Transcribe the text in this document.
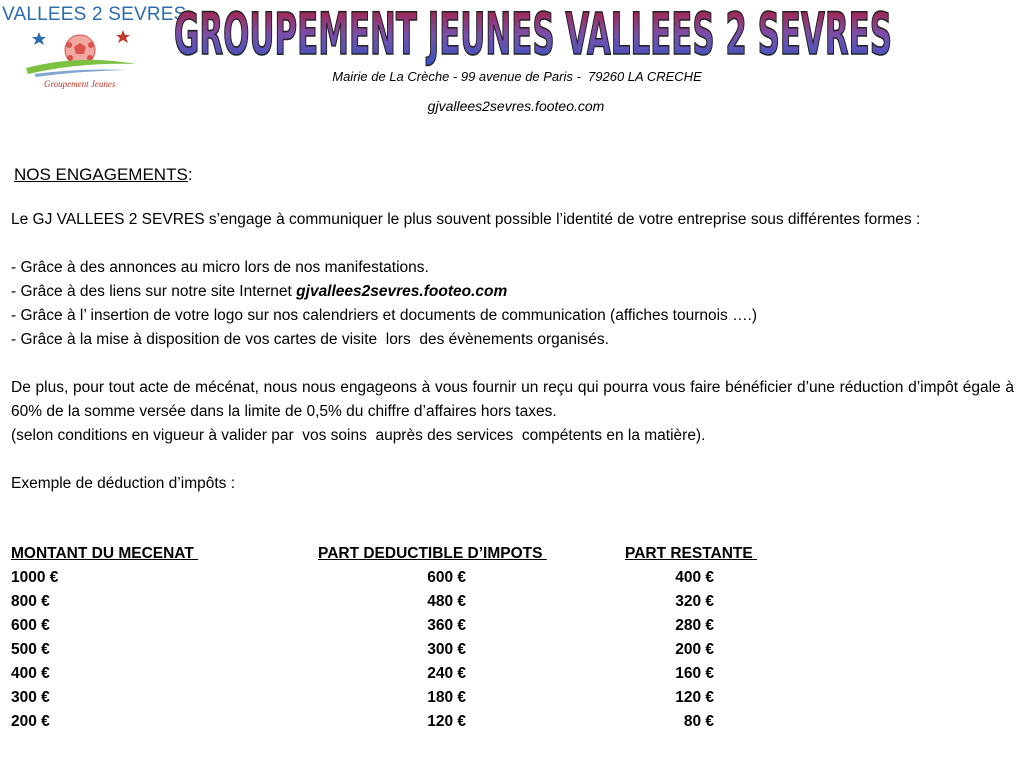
VALLEES 2 SEVRES
Groupement Jeunes
GROUPEMENT JEUNES VALLEES 2 SEVRES
Mairie de La Crèche - 99 avenue de Paris -  79260 LA CRECHE
gjvallees2sevres.footeo.com
NOS ENGAGEMENTS:

Le GJ VALLEES 2 SEVRES s’engage à communiquer le plus souvent possible l’identité de votre entreprise sous différentes formes :

- Grâce à des annonces au micro lors de nos manifestations.

- Grâce à des liens sur notre site Internet gjvallees2sevres.footeo.com

- Grâce à l’ insertion de votre logo sur nos calendriers et documents de communication (affiches tournois ….)

- Grâce à la mise à disposition de vos cartes de visite  lors  des évènements organisés.

De plus, pour tout acte de mécénat, nous nous engageons à vous fournir un reçu qui pourra vous faire bénéficier d’une réduction d’impôt égale à 60% de la somme versée dans la limite de 0,5% du chiffre d’affaires hors taxes.

(selon conditions en vigueur à valider par  vos soins  auprès des services  compétents en la matière).

Exemple de déduction d’impôts :

MONTANT DU MECENAT	PART DEDUCTIBLE D’IMPOTS	PART RESTANTE
1000 €	600 €	400 €
800 €	480 €	320 €
600 €	360 €	280 €
500 €	300 €	200 €
400 €	240 €	160 €
300 €	180 €	120 €
200 €	120 €	80 €
